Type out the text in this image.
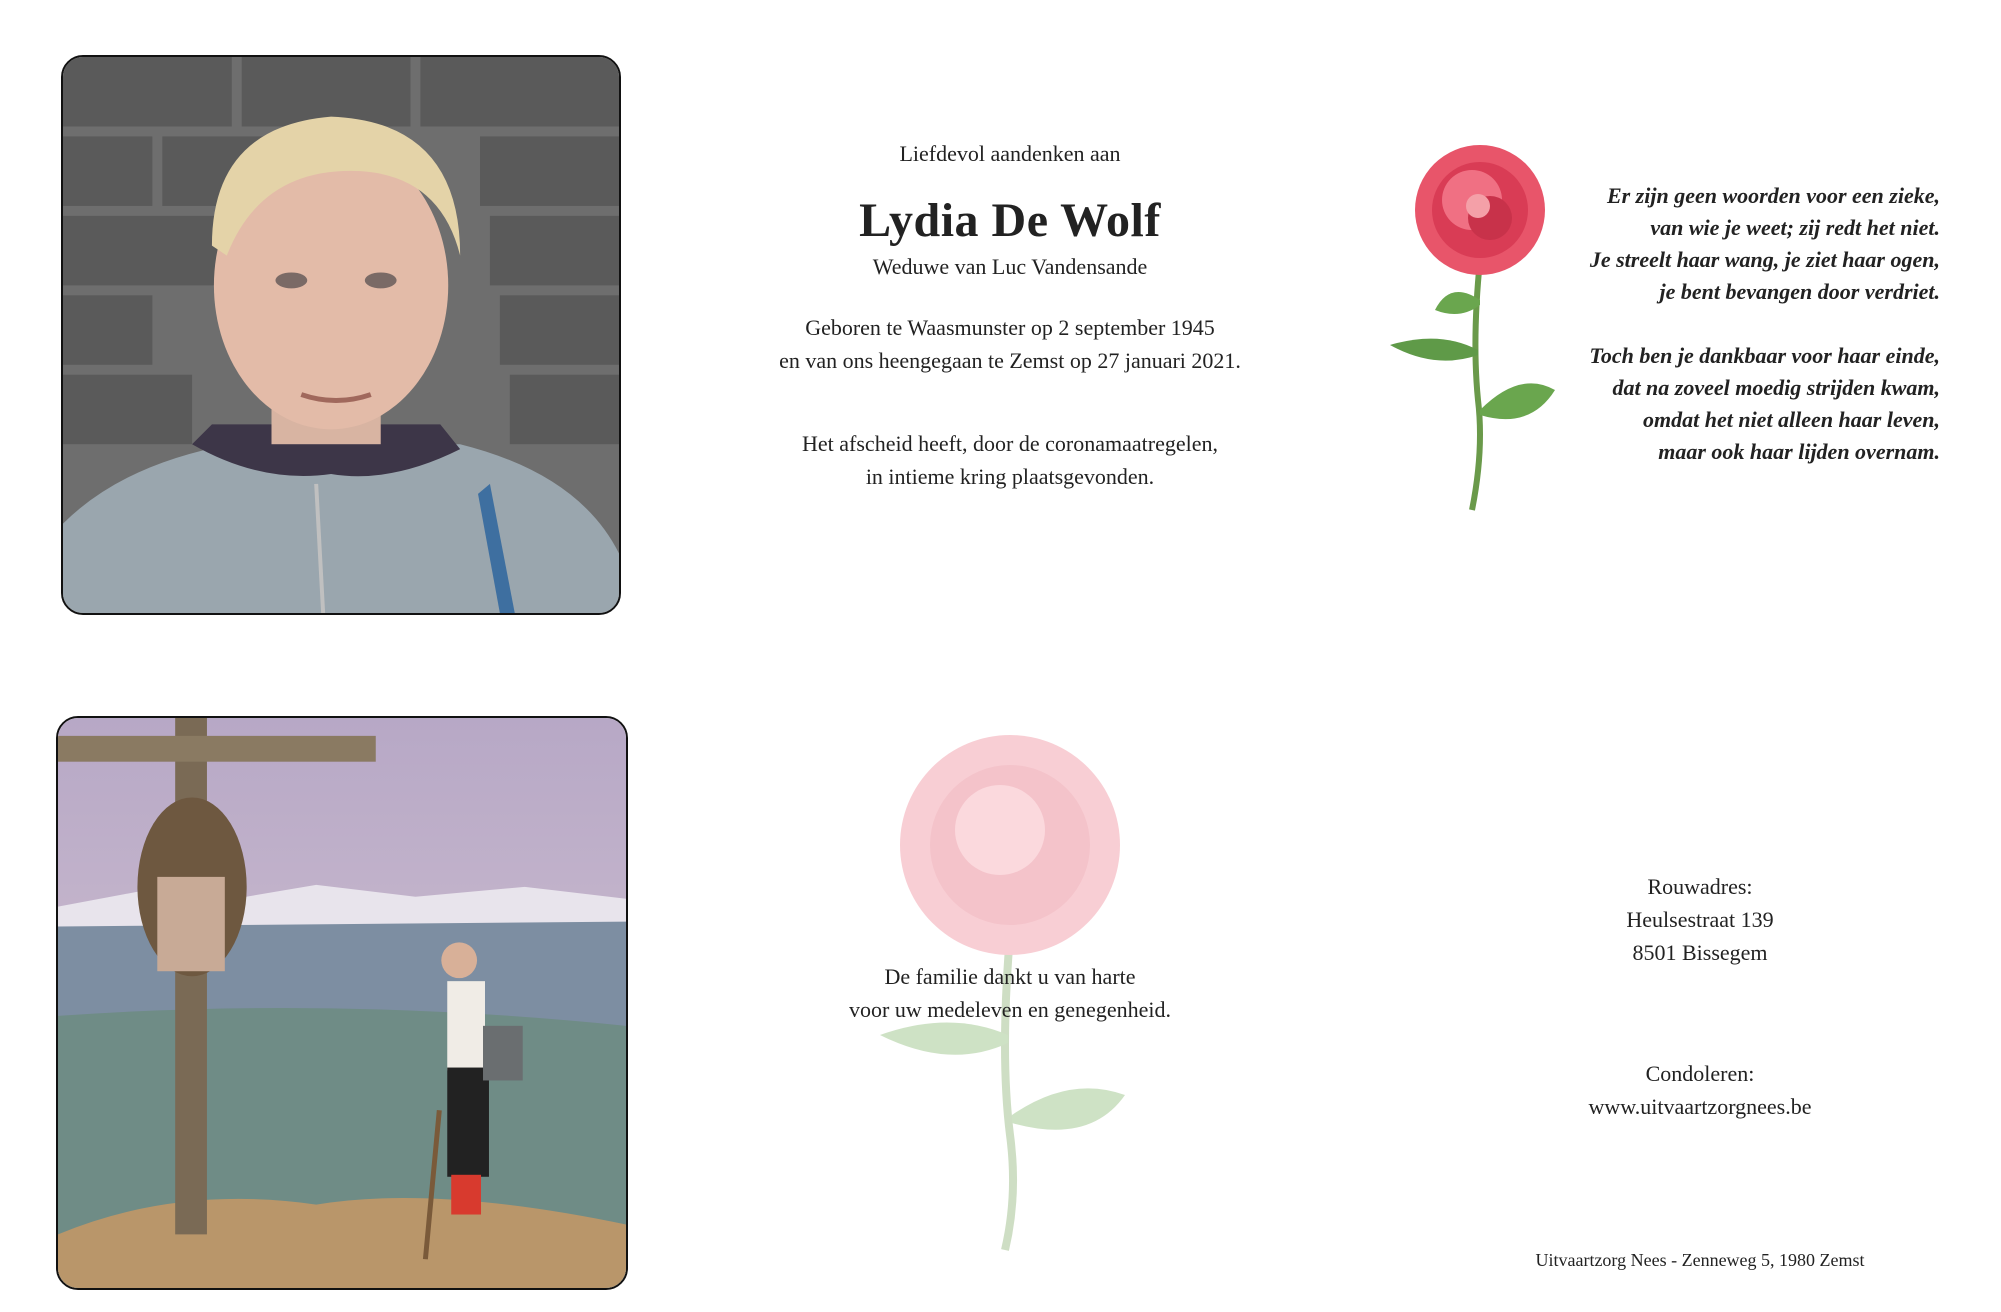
Liefdevol aandenken aan
Lydia De Wolf
Weduwe van Luc Vandensande
Geboren te Waasmunster op 2 september 1945
en van ons heengegaan te Zemst op 27 januari 2021.
Het afscheid heeft, door de coronamaatregelen,
in intieme kring plaatsgevonden.
Er zijn geen woorden voor een zieke,
van wie je weet; zij redt het niet.
Je streelt haar wang, je ziet haar ogen,
je bent bevangen door verdriet.
Toch ben je dankbaar voor haar einde,
dat na zoveel moedig strijden kwam,
omdat het niet alleen haar leven,
maar ook haar lijden overnam.
De familie dankt u van harte
voor uw medeleven en genegenheid.
Rouwadres:
Heulsestraat 139
8501 Bissegem
Condoleren:
www.uitvaartzorgnees.be
Uitvaartzorg Nees - Zenneweg 5, 1980 Zemst
